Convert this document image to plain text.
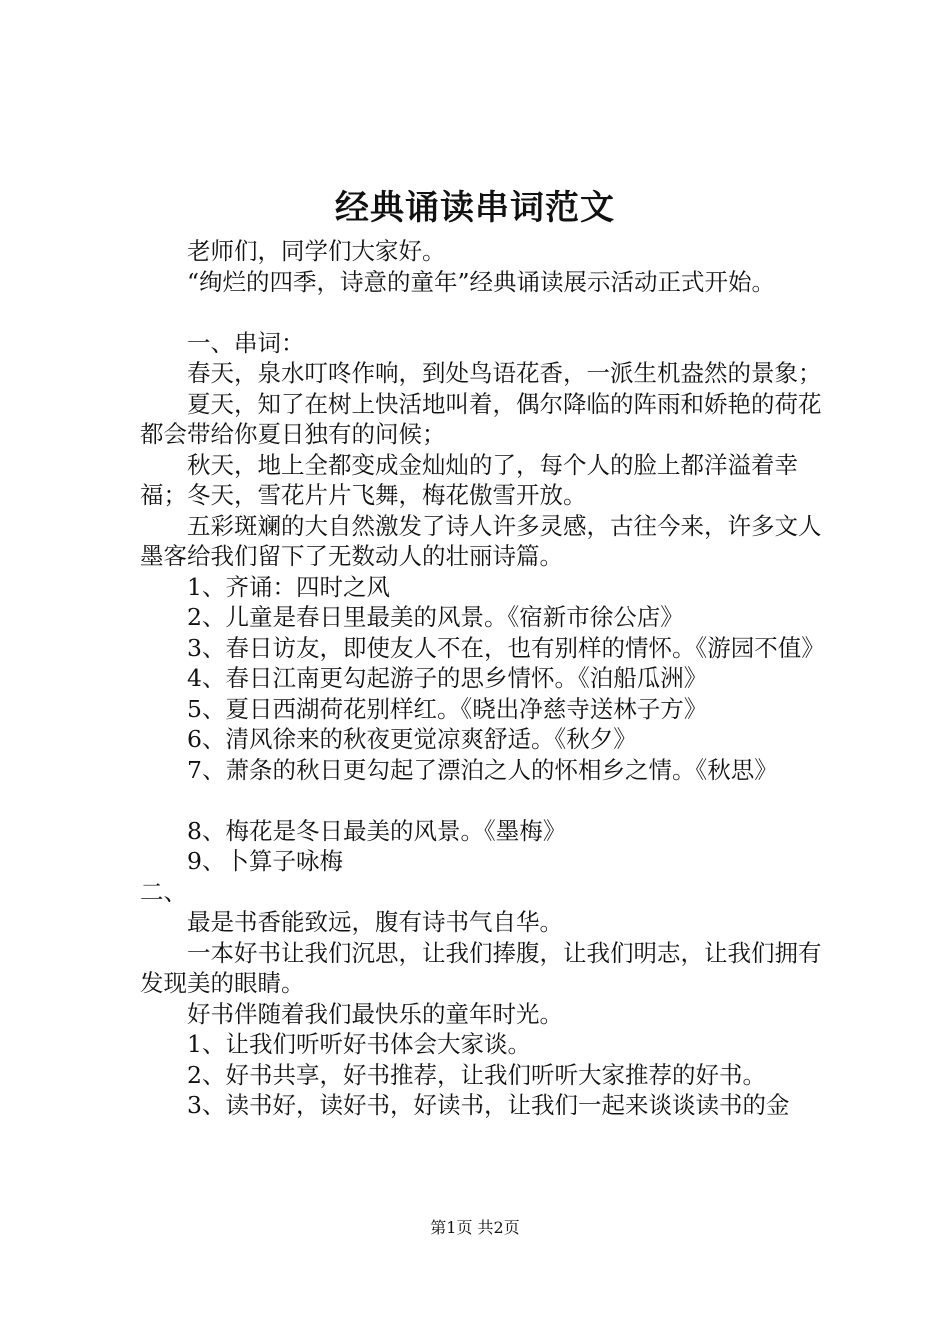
经典诵读串词范文

老师们，同学们大家好。

“绚烂的四季，诗意的童年”经典诵读展示活动正式开始。

一、串词：

春天，泉水叮咚作响，到处鸟语花香，一派生机盎然的景象；

夏天，知了在树上快活地叫着，偶尔降临的阵雨和娇艳的荷花都会带给你夏日独有的问候；

秋天，地上全都变成金灿灿的了，每个人的脸上都洋溢着幸福；冬天，雪花片片飞舞，梅花傲雪开放。

五彩斑斓的大自然激发了诗人许多灵感，古往今来，许多文人墨客给我们留下了无数动人的壮丽诗篇。

1、齐诵：四时之风

2、儿童是春日里最美的风景。《宿新市徐公店》

3、春日访友，即使友人不在，也有别样的情怀。《游园不值》

4、春日江南更勾起游子的思乡情怀。《泊船瓜洲》

5、夏日西湖荷花别样红。《晓出净慈寺送林子方》

6、清风徐来的秋夜更觉凉爽舒适。《秋夕》

7、萧条的秋日更勾起了漂泊之人的怀相乡之情。《秋思》

8、梅花是冬日最美的风景。《墨梅》

9、卜算子咏梅

二、

最是书香能致远，腹有诗书气自华。

一本好书让我们沉思，让我们捧腹，让我们明志，让我们拥有发现美的眼睛。

好书伴随着我们最快乐的童年时光。

1、让我们听听好书体会大家谈。

2、好书共享，好书推荐，让我们听听大家推荐的好书。

3、读书好，读好书，好读书，让我们一起来谈谈读书的金

第1页 共2页
